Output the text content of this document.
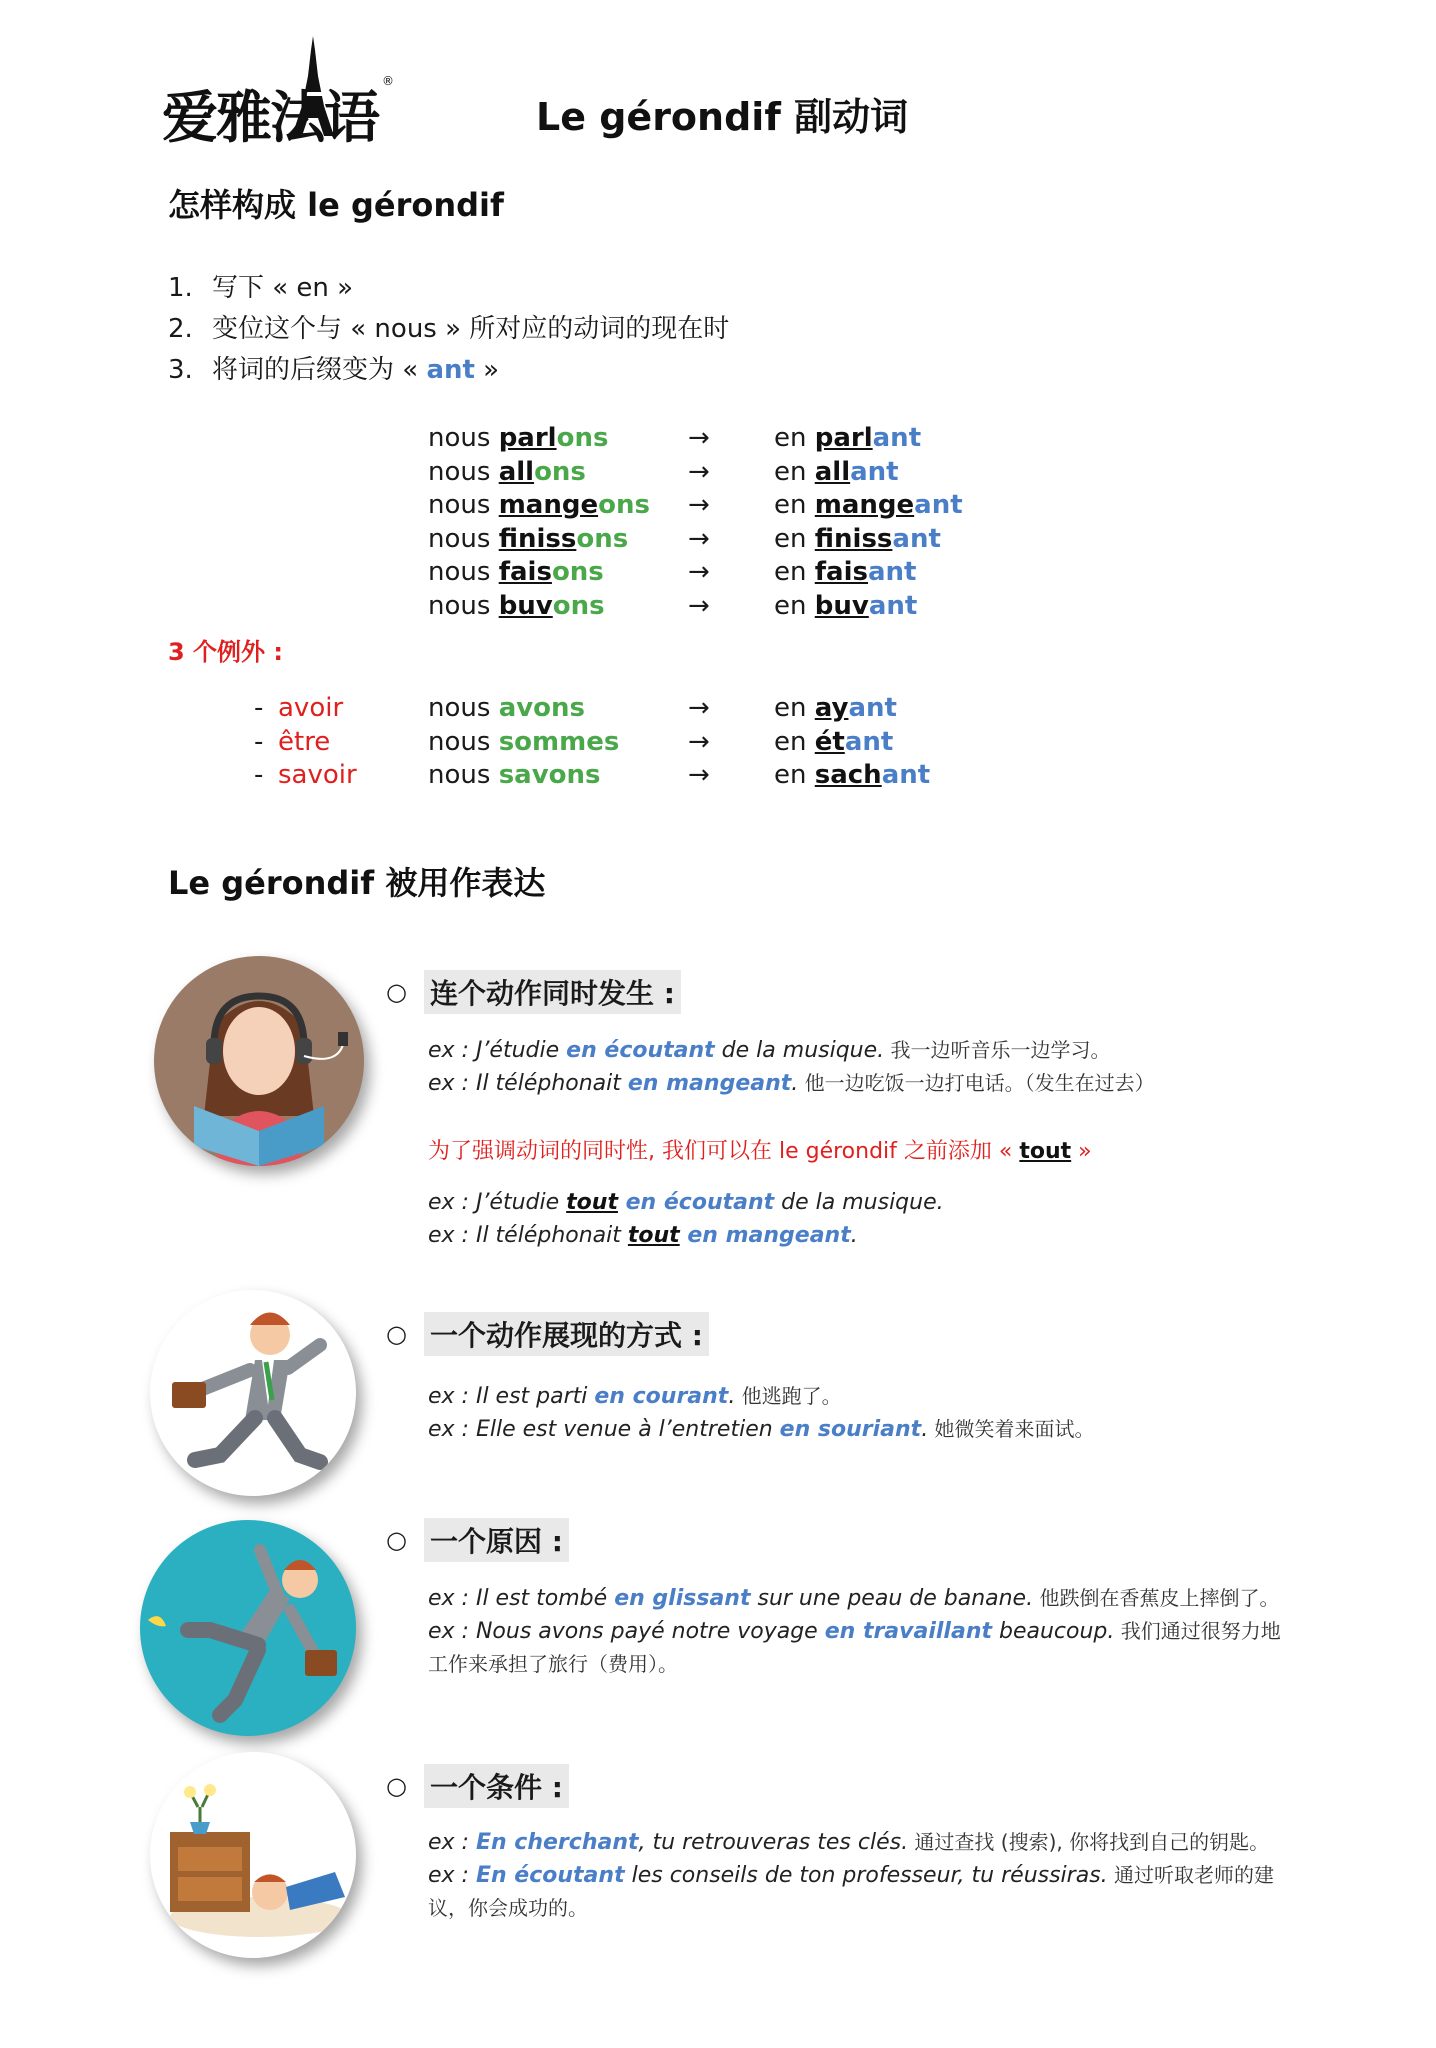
爱雅法语
®
Le gérondif 副动词
怎样构成 le gérondif
1. 写下 « en »
2. 变位这个与 « nous » 所对应的动词的现在时
3. 将词的后缀变为 « ant »
nous parlons
nous allons
nous mangeons
nous finissons
nous faisons
nous buvons
→
→
→
→
→
→
en parlant
en allant
en mangeant
en finissant
en faisant
en buvant
3 个例外 :
- avoir
- être
- savoir
nous avons
nous sommes
nous savons
→
→
→
en ayant
en étant
en sachant
Le gérondif 被用作表达
○ 连个动作同时发生 :
ex : J’étudie en écoutant de la musique. 我一边听音乐一边学习。
ex : Il téléphonait en mangeant. 他一边吃饭一边打电话。（发生在过去）
为了强调动词的同时性, 我们可以在 le gérondif 之前添加 « tout »
ex : J’étudie tout en écoutant de la musique.
ex : Il téléphonait tout en mangeant.
○ 一个动作展现的方式 :
ex : Il est parti en courant. 他逃跑了。
ex : Elle est venue à l’entretien en souriant. 她微笑着来面试。
○ 一个原因 :
ex : Il est tombé en glissant sur une peau de banane. 他跌倒在香蕉皮上摔倒了。
ex : Nous avons payé notre voyage en travaillant beaucoup. 我们通过很努力地工作来承担了旅行（费用）。
○ 一个条件 :
ex : En cherchant, tu retrouveras tes clés. 通过查找 (搜索), 你将找到自己的钥匙。
ex : En écoutant les conseils de ton professeur, tu réussiras. 通过听取老师的建议，你会成功的。
